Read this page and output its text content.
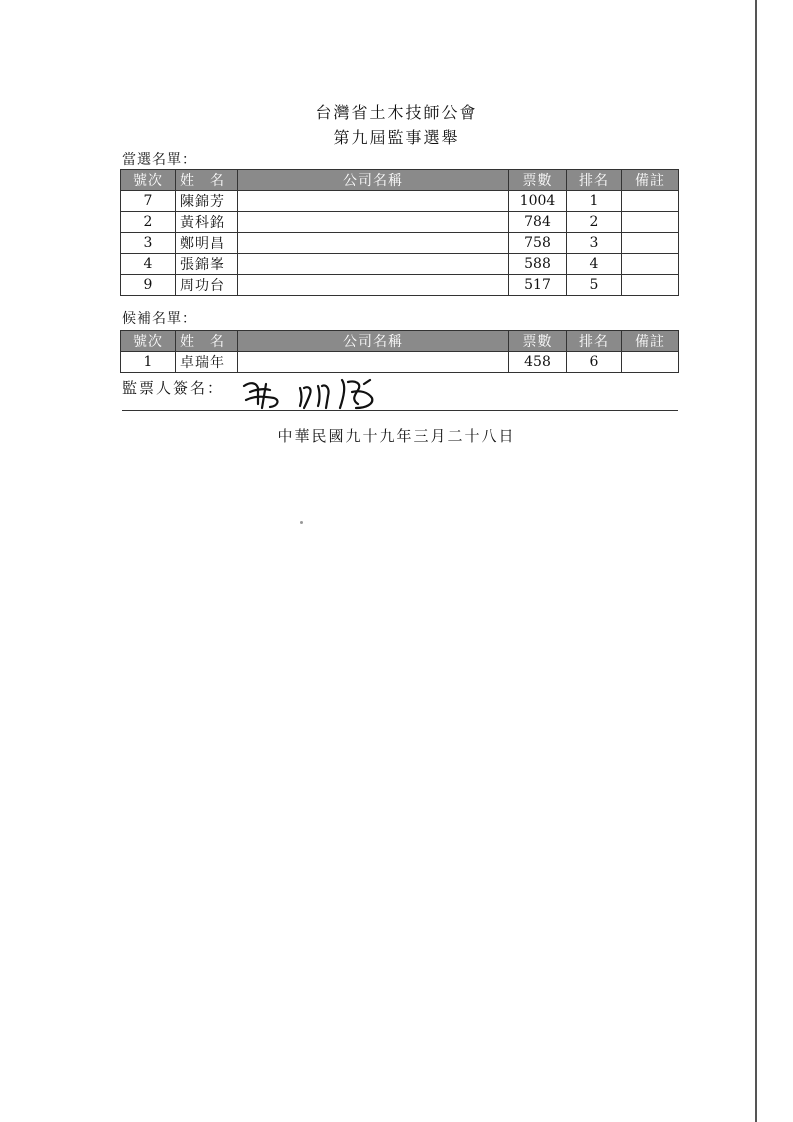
台灣省土木技師公會
第九屆監事選舉
當選名單：
號次	姓 名	公司名稱	票數	排名	備註
7	陳錦芳		1004	1	
2	黃科銘		784	2	
3	鄭明昌		758	3	
4	張錦峯		588	4	
9	周功台		517	5	
候補名單：
號次	姓 名	公司名稱	票數	排名	備註
1	卓瑞年		458	6	
監票人簽名：
中華民國九十九年三月二十八日
